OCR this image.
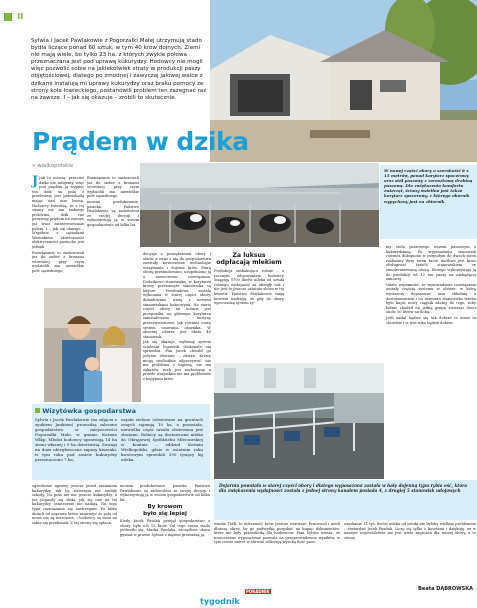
II
Sylwia i Jacek Pawlakowie z Pogorzałki Małej utrzymują stado bydła liczące ponad 60 sztuk, w tym 40 krów dojnych. Ziemi nie mają wiele, bo tylko 23 ha, z których zwykle połowa przeznaczana jest pod uprawę kukurydzy. Hodowcy nie mogli więc pozwolić sobie na jakiekolwiek straty w produkcji paszy objętościowej, dlatego po zmodnej i zawyczaj jałowej walce z dzikami instalują mi uprawy kukurydzy oraz braku pomocy ze strony koła łowieckiego, postanowili problem ten zażegnać raz na zawsze. I – jak się okazuje – zrobili to skutecznie.
Prądem w dzika
» wielkopolskie
W nowej części obory o szerokości 8 x 15 metrów, ponad korytarz spacerowy oraz stół paszowy z zaroszkową drabiną paszową. Dla zwiększenia komfortu zwierząt, ściany świetlne jest także korytarz spacerowy, z którego obornik wypychany jest na zbiornik

J Jak to mówią: przecież dzika nie zabijemy, więc pod prądem ją wypuść ten dzik na pola z przelewem jest przeszkodą mając nad nim bronę. Hodowcy twierdzą, że z tej strony nie ma żadnego problemu, dzik raz porażony prądem na zawsze już traci zainteresowanie polem. I – jak się okazuje – Wspólnie z sąsiadami Warunkiem skuteczności elektryczności pastucha jest jednak

Rozwiązanie to zastosowali już do siebie z bronami wcześniej, przy czym wydzielili mu niewielkie pole sąsiedniego,

Rozwiązanie to zastosowali już do siebie z bronami wcześniej, przy czym wydzielili mu niewielkie pole sąsiedniego,

mosina produkowane, pasieka. Państwo Pawlakowie są zadowoleni ze swojej decyzji i wykorzystują ją w swoim gospodarstwie od kilku lat.

Wizytówka gospodarstwa
Sylwia i Jacek Pawlakowie (na zdjęciu z synkiem Jankiem) prowadzą mleczne gospodarstwo w miejscowości Pogorzałki Małe, w gminie Koźmin Wlkp. Młodzi hodowcy uprawiają 14 ha ziemi własnej i 9 ha dzierżawią. Zuwagi na duże ubiegłoroczne zapasy kiszonki, w tym roku pod zasiew kukurydzy przeznaczono 7 ha,
uzyski zielone (obsiewane na gruntach ornych zajmują 10 ha, a pozostała, niewielka część areału obsiewana jest zbożami. Rolnicy są dostawcami mleka do Okręgowej Spółdzielni Mleczarskiej w Koninie – oddział Koźmin Wielkopolski, gdzie w ostatnim roku kwotowym sprzedali 350 tysięcy kg mleka.

decyzja o powiększeniu obory i stada, a wraz z nią do gospodarstwa zawitały nowoczesne technologie utrzymania i dojenia krów. Starą oborę przebudowano, uzupełniono ją o nowoczesne rozwiązania. Dodatkowe stanowiska, w korytarze krowy przesunięte stanowiska są lżejsze. Przebudowa została wykonana w starej części obory, dobudowano wiatę z nowymi stanowiskami boksowymi. Na starej części obory na ścianie jest przepustka, na głównym korytarzu zainstalowano kurtyny przeciwwiatrowe, jak również nowy system usuwania obornika. W obecnej oborze jest około 40 stanowisk.

Jak się okazuje, wybrany system ścielenia legowisk doskonale się sprawdza. Pan Jacek chwalił go jedynie słowami – ekstra. Krowy mogą swobodnie odpoczywać, nie ma problemu z higieną, nie ma zakazów, ruch jest zachowany, a przede wszystkim nie ma problemów z kopytami krów.

Za luksus
odpłacają mlekiem
Produkcja zaskakująco rośnie – z rocznym udojowaniem hodowcy osiągają 9700 litrów mleka od sztuki rośnego wydajność za ubiegły rok i nie jest to jeszcze ostatnie słowo w tej kwestii. Państwo Pawlakowie mają bowiem nadzieję, że gdy do obory wprowadzą system ży-

my stołu paszowego wozem paszowym z kukurydzianą. Po wyposażeniu stanowisk również dokupiono w przyszłym do dwóch stron rozłożony duży teren krów, możliwe jest krów obsługiwać trzech stanowiskiem ze zmodernizowaną oborą. Dlatego wykorzystują ją do produkcji od 12 ton paszy na niebędącej zimowej.

Warto wspomnieć, że wprowadzone rozwiązania zostały częścią systemu w oborze, w którą wystarczy dopasować tam chłodnię z dostosowaniem i do rozmiaru stanowiska trzeba było kupić nowy ciągnik zdatny do tego, żeby ładnie chodził na jedną grupę zwierząt ilości około 50 litrów na dobę.

Jeśli nadal będzie się tak dobrze to może ta chorobie i w tym roku będzie dobrze.

Dojarnia powstała w starej części obory i dlatego wyposażona została w halę dojenną typu rybia ość, która dla zwiększenia wydajności została z jednej strony kanałem posiada 4, z drugiej 5 stanowisk udojowych

ogrodzenie uprawy jeszcze przed zasianiem kukurydzy, tak by zwierzęta nie zrobiły szkody. Na pola nie ma jeszcze kukurydzy, a już pojawiły się dziki, jak się one na tej kukurydzy ostatecznie nie nadają. Na tego typu rozwiązanie się zastrzegam. Po kilku dniach od naprawy łatwo zauważyć że pola od nowa nie są niszczone, i hodowcy są sami na sobie się przekonali. Z tej strony się opłaca.

mosina produkowane, pasieka. Państwo Pawlakowie są zadowoleni ze swojej decyzji i wykorzystują ją w swoim gospodarstwie od kilku lat.

By krowom
było się lepiej

Kiedy Jacek Pawlak przejął gospodarstwo z obory, było ich 15 krów. Od tego czasu stado podwoiło się. Marka Pawlaka, szczęśliwa obora pyszna w prawie Sylwia z mężem prowadzą ją.

wienie TMR, to mleczność krów jeszcze wzrośnie. Pracowali i mieli dłuższą okres, by go podwyżkę pozyskać na kupno dokumentów, które nie były przeszkodą dla hodowców. Pani Sylwia uważa, że nowoczesne wyposażenie pozwala na przeprowadzenie wyników, w tym czasie nawet w okresie odliczają wysoką ilość pasz.

uzyskanie 11 tys. litrów mleka od sztuki nie byłoby wielkim problemem – stwierdził Jacek Pawlak. Liczę się tylko z kosztami i dziękuję, że w naszym województwie nie jest wiele zagrożeń dla naszej obory, a to cieszy.

Beata DĄBROWSKA
tygodnik $^{PORADNIK}$
